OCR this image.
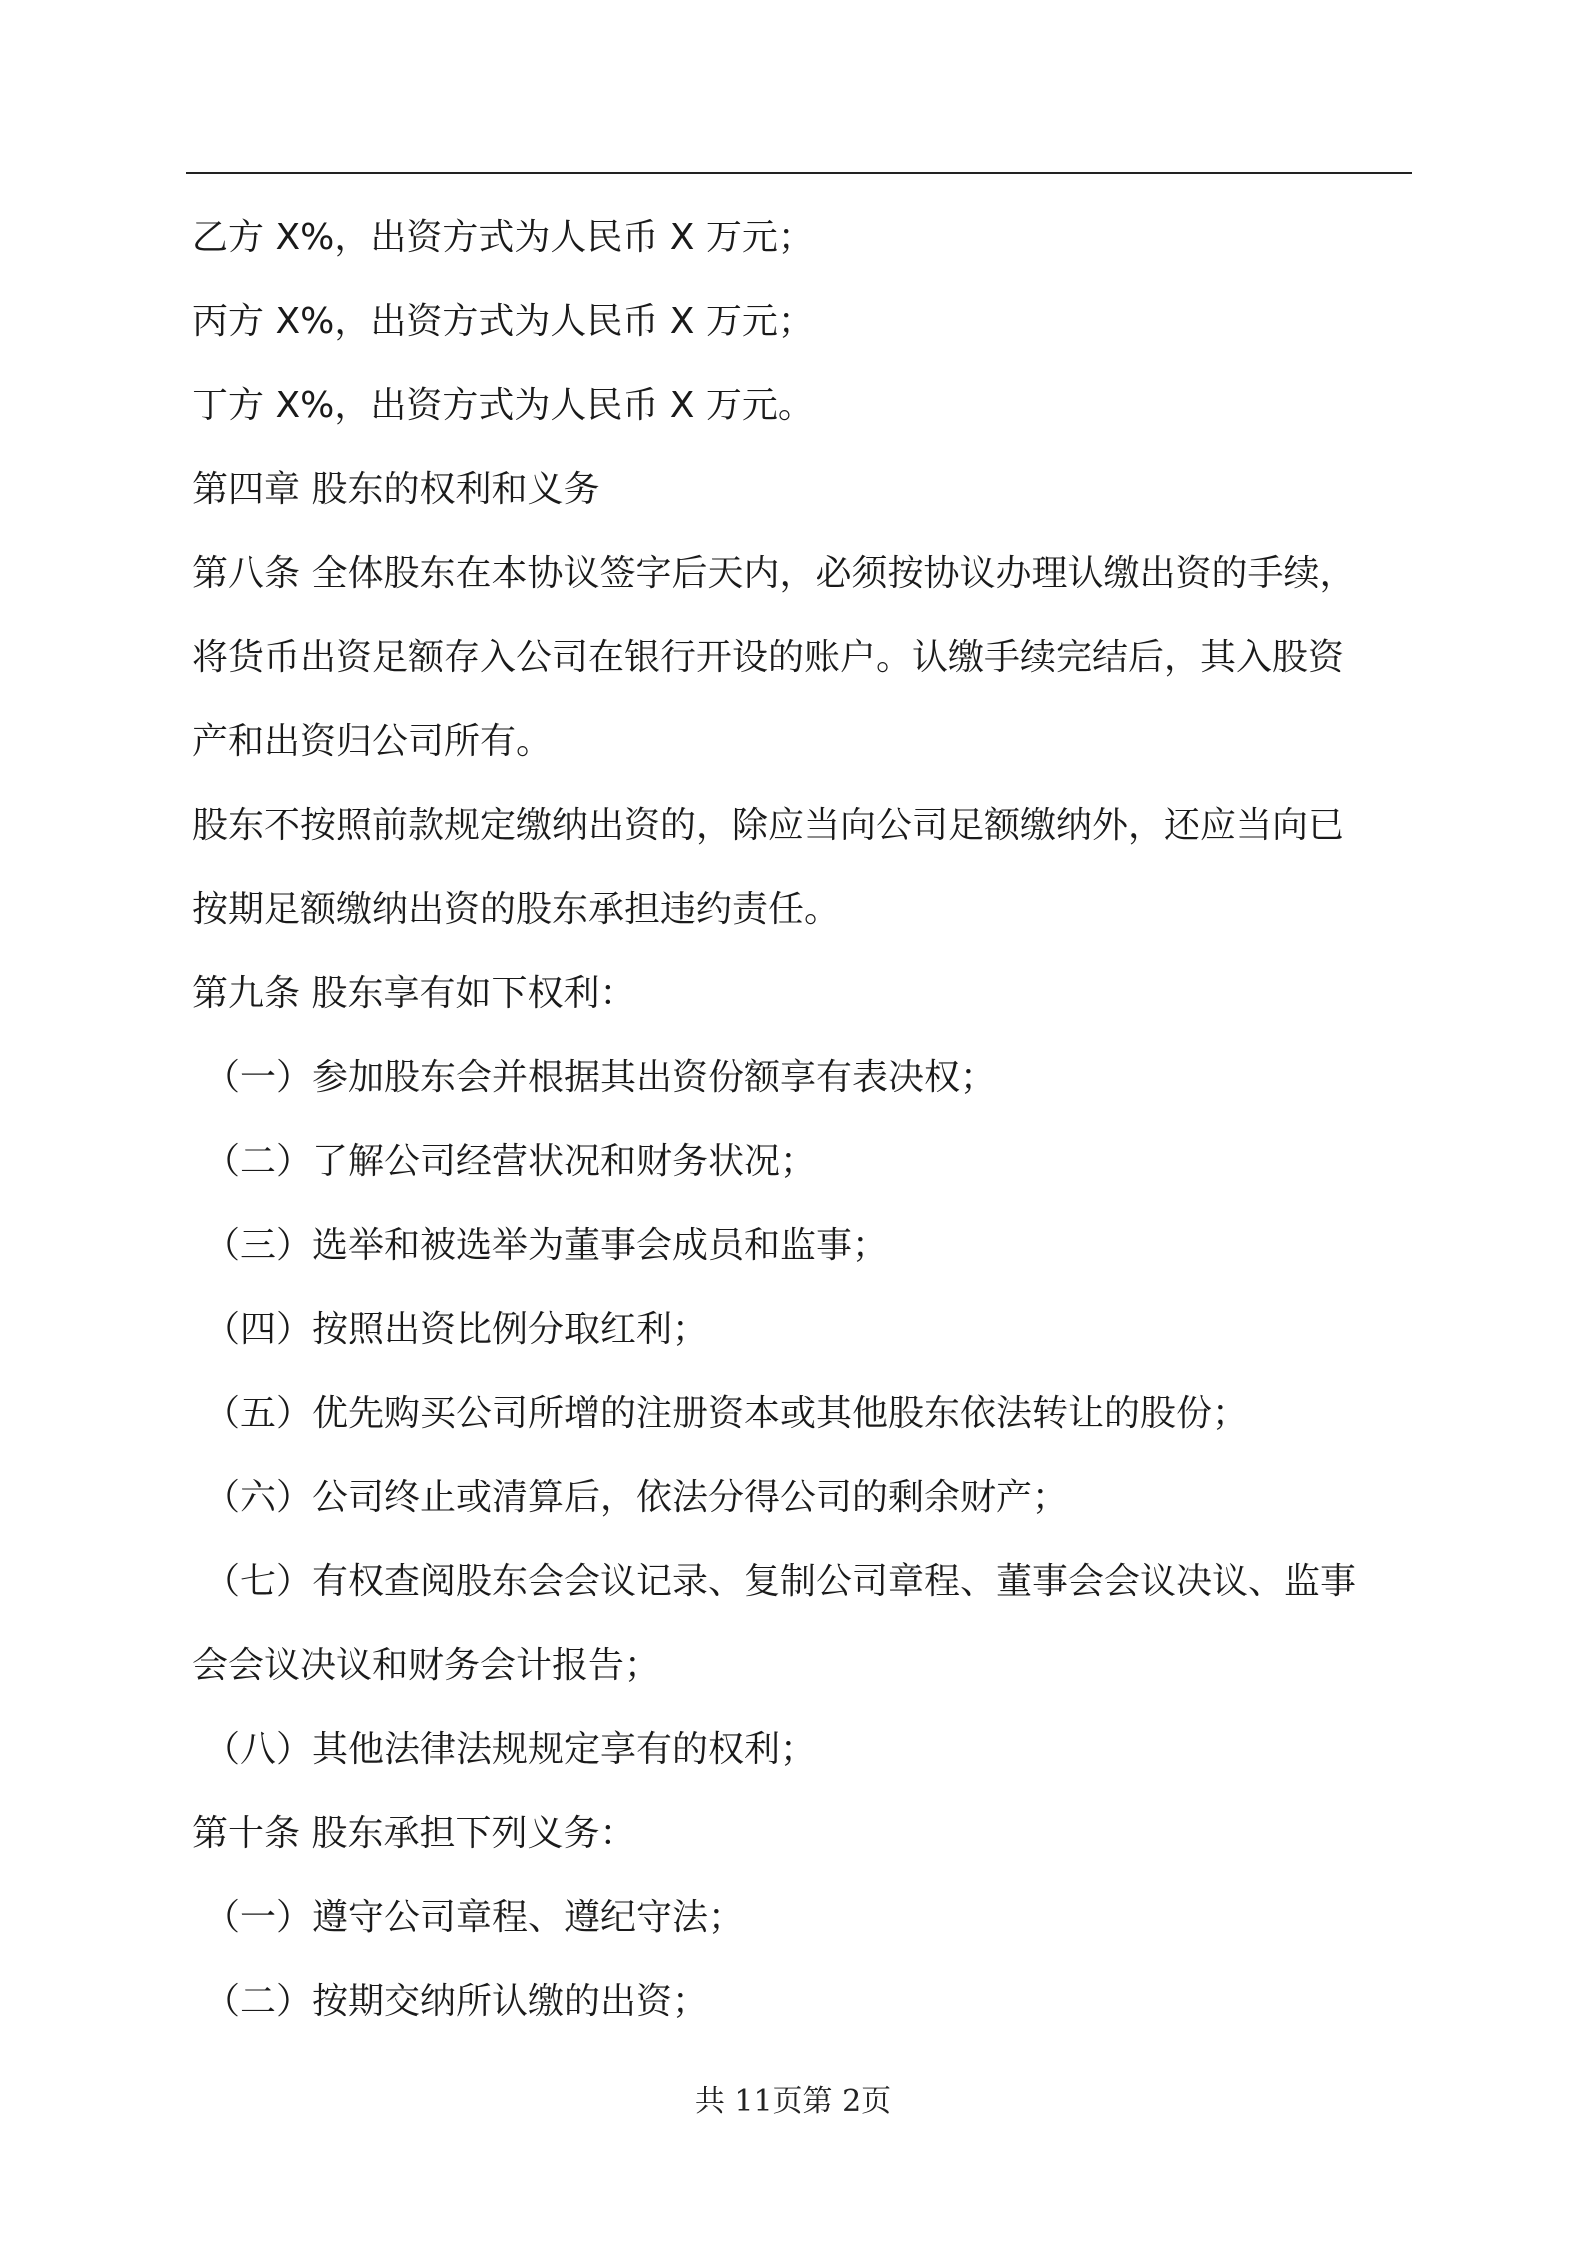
乙方 X%，出资方式为人民币 X 万元；
丙方 X%，出资方式为人民币 X 万元；
丁方 X%，出资方式为人民币 X 万元。
第四章 股东的权利和义务
第八条 全体股东在本协议签字后天内，必须按协议办理认缴出资的手续，
将货币出资足额存入公司在银行开设的账户。认缴手续完结后，其入股资
产和出资归公司所有。
股东不按照前款规定缴纳出资的，除应当向公司足额缴纳外，还应当向已
按期足额缴纳出资的股东承担违约责任。
第九条 股东享有如下权利：
（一）参加股东会并根据其出资份额享有表决权；
（二）了解公司经营状况和财务状况；
（三）选举和被选举为董事会成员和监事；
（四）按照出资比例分取红利；
（五）优先购买公司所增的注册资本或其他股东依法转让的股份；
（六）公司终止或清算后，依法分得公司的剩余财产；
（七）有权查阅股东会会议记录、复制公司章程、董事会会议决议、监事
会会议决议和财务会计报告；
（八）其他法律法规规定享有的权利；
第十条 股东承担下列义务：
（一）遵守公司章程、遵纪守法；
（二）按期交纳所认缴的出资；
共 11页第 2页
